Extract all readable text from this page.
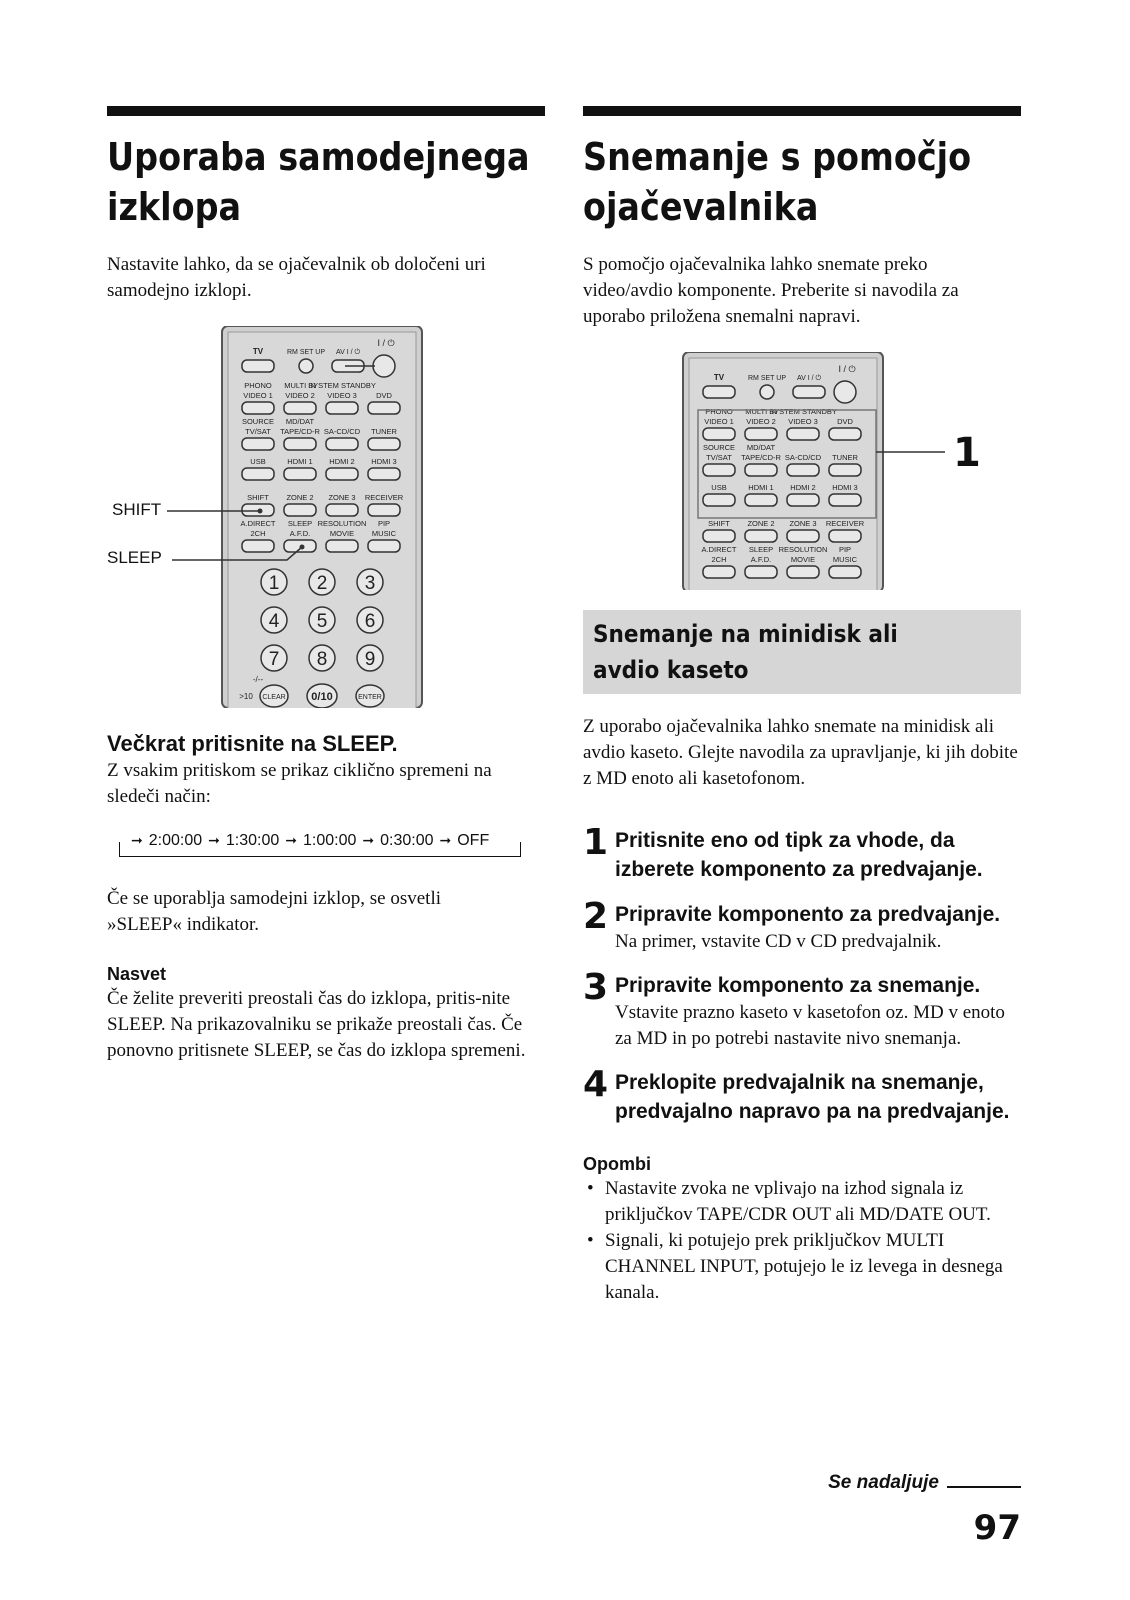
Uporaba samodejnega
izklopa

Nastavite lahko, da se ojačevalnik ob določeni uri samodejno izklopi.

TV	RM SET UP AV I / ⏻
I / ⏻
PHONO
VIDEO 1
MULTI IN
VIDEO 2
SYSTEM STANDBY
VIDEO 3	DVD
SOURCE
TV/SAT
MD/DAT
TAPE/CD-R SA-CD/CD TUNER
USB	HDMI 1 HDMI 2 HDMI 3
SHIFT ZONE 2 ZONE 3 RECEIVER
A.DIRECT
2CH
SLEEP
A.F.D.
RESOLUTION
MOVIE
PIP
MUSIC
1 2 3
4 5 6
7 8 9
-/--
>10 CLEAR 0/10	ENTER
SHIFT
SLEEP
Večkrat pritisnite na SLEEP.

Z vsakim pritiskom se prikaz ciklično spremeni na sledeči način:

➞ 2:00:00 ➞ 1:30:00 ➞ 1:00:00 ➞ 0:30:00 ➞ OFF

Če se uporablja samodejni izklop, se osvetli »SLEEP« indikator.

Nasvet

Če želite preveriti preostali čas do izklopa, pritis-nite SLEEP. Na prikazovalniku se prikaže preostali čas. Če ponovno pritisnete SLEEP, se čas do izklopa spremeni.

Snemanje s pomočjo
ojačevalnika

S pomočjo ojačevalnika lahko snemate preko video/avdio komponente. Preberite si navodila za uporabo priložena snemalni napravi.

TV	RM SET UP AV I / ⏻
I / ⏻
PHONO
VIDEO 1
MULTI IN
VIDEO 2
SYSTEM STANDBY
VIDEO 3	DVD
SOURCE
TV/SAT
MD/DAT
TAPE/CD-R SA-CD/CD TUNER
USB	HDMI 1 HDMI 2 HDMI 3
SHIFT ZONE 2 ZONE 3 RECEIVER
A.DIRECT
2CH
SLEEP
A.F.D.
RESOLUTION
MOVIE
PIP
MUSIC
1
Snemanje na minidisk ali avdio kaseto

Z uporabo ojačevalnika lahko snemate na minidisk ali avdio kaseto. Glejte navodila za upravljanje, ki jih dobite z MD enoto ali kasetofonom.

1 Pritisnite eno od tipk za vhode, da izberete komponento za predvajanje.

2 Pripravite komponento za predvajanje.

Na primer, vstavite CD v CD predvajalnik.

3 Pripravite komponento za snemanje.

Vstavite prazno kaseto v kasetofon oz. MD v enoto za MD in po potrebi nastavite nivo snemanja.

4 Preklopite predvajalnik na snemanje, predvajalno napravo pa na predvajanje.

Opombi

• Nastavite zvoka ne vplivajo na izhod signala iz priključkov TAPE/CDR OUT ali MD/DATE OUT.
• Signali, ki potujejo prek priključkov MULTI CHANNEL INPUT, potujejo le iz levega in desnega kanala.
Se nadaljuje
97
